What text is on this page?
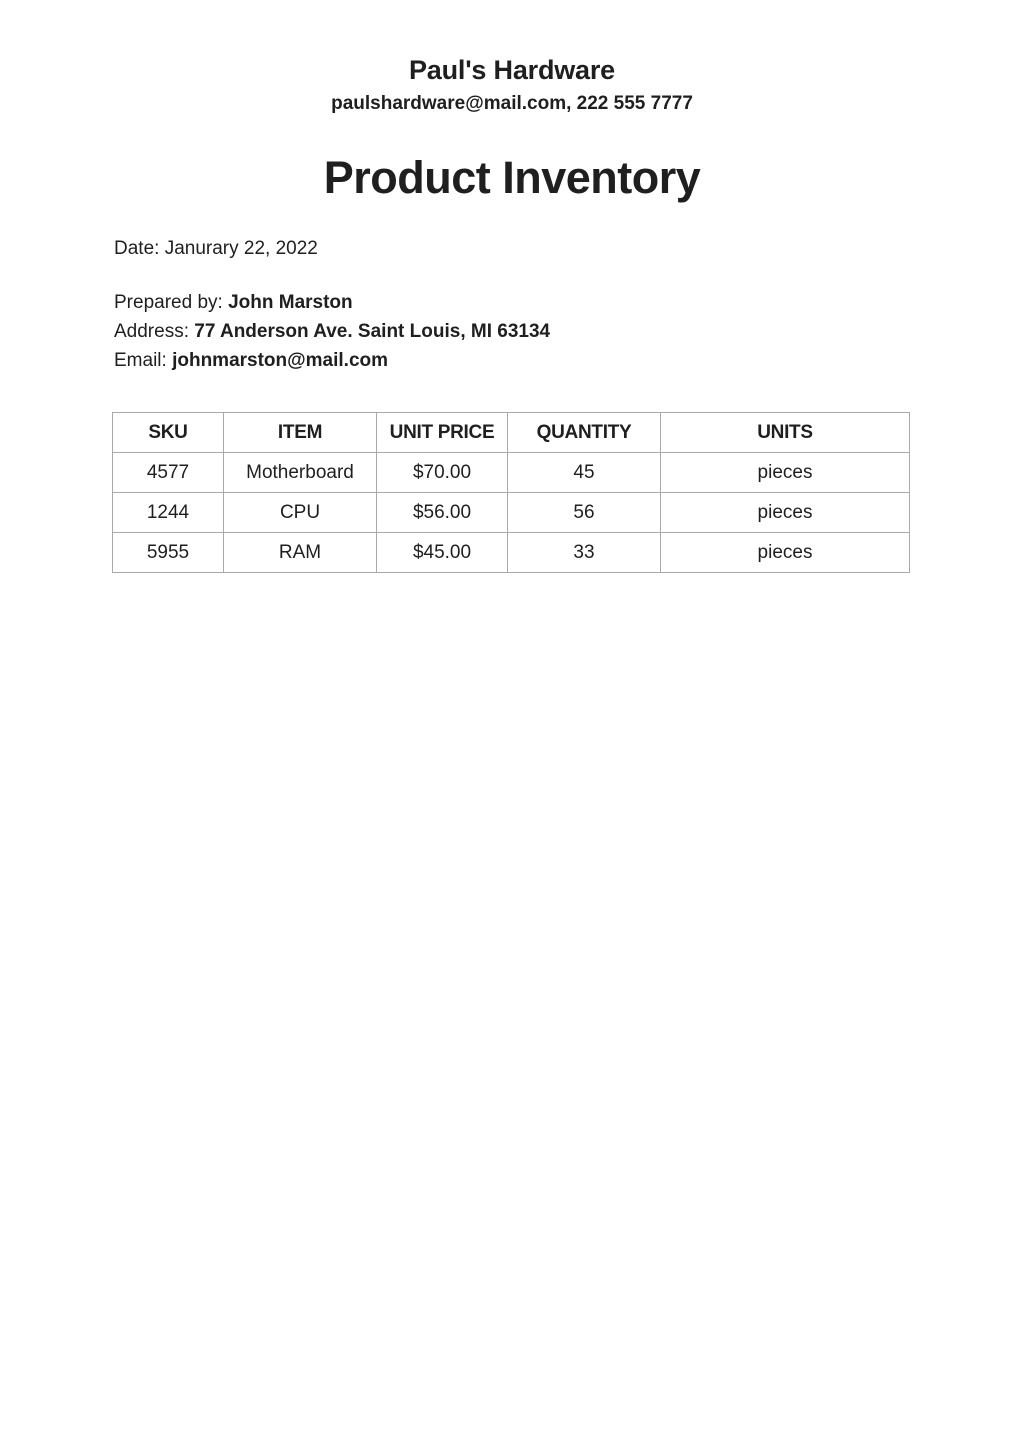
Paul's Hardware
paulshardware@mail.com, 222 555 7777
Product Inventory
Date: Janurary 22, 2022
Prepared by: John Marston
Address: 77 Anderson Ave. Saint Louis, MI 63134
Email: johnmarston@mail.com
SKU	ITEM	UNIT PRICE	QUANTITY	UNITS
4577	Motherboard	$70.00	45	pieces
1244	CPU	$56.00	56	pieces
5955	RAM	$45.00	33	pieces
